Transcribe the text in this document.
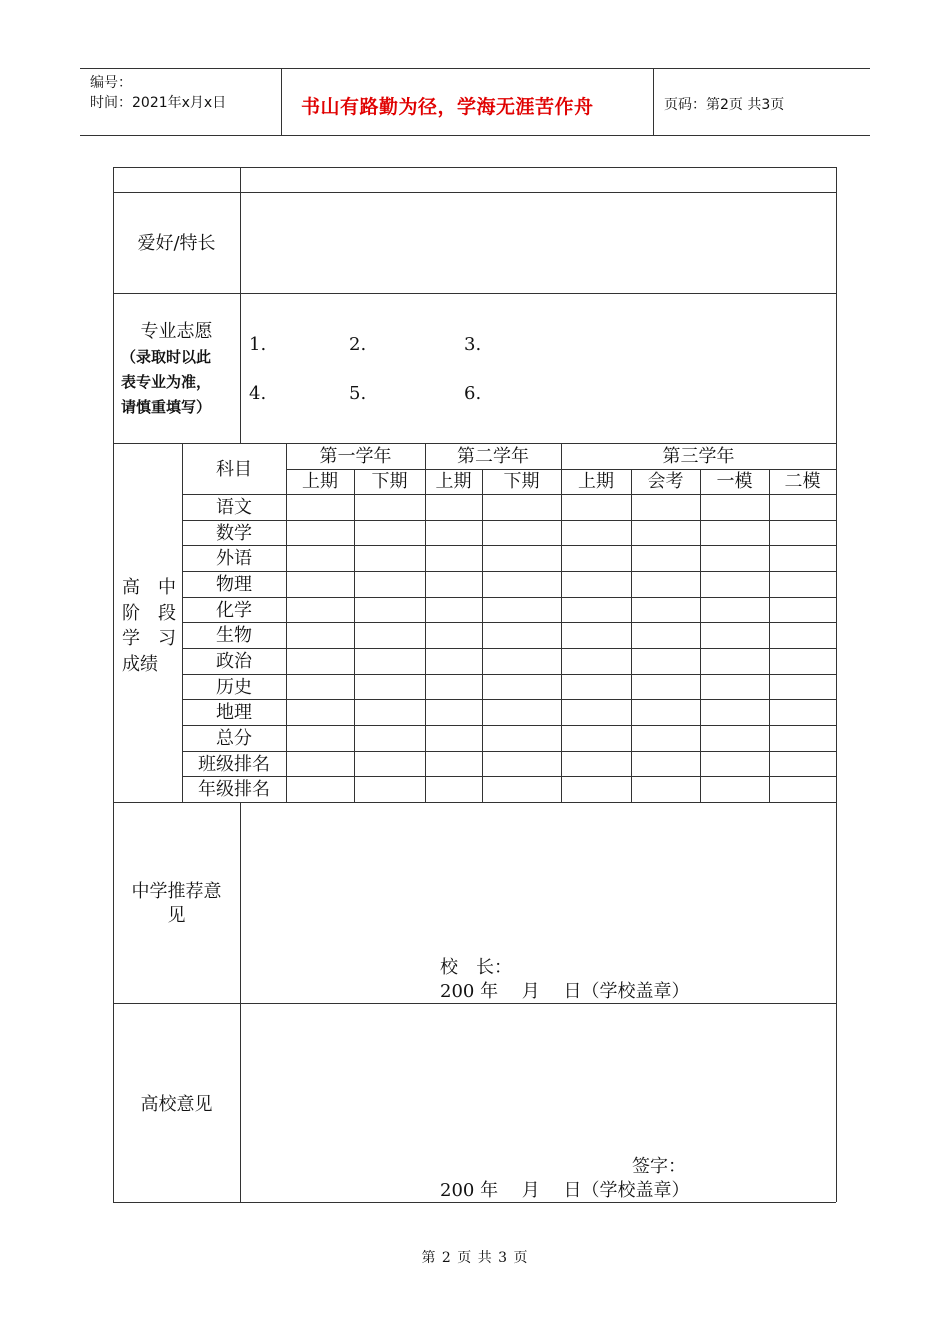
编号：
时间：2021年x月x日	书山有路勤为径，学海无涯苦作舟	页码：第2页 共3页
爱好/特长
专业志愿
（录取时以此
表专业为准，
请慎重填写）
1.	2.	3.
4.	5.	6.
高　中
阶　段
学　习
成绩
科目
第一学年	第二学年	第三学年
上期	下期	上期	下期	上期	会考	一模	二模
语文
数学
外语
物理
化学
生物
政治
历史
地理
总分
班级排名
年级排名
中学推荐意
见
校　长：
200 年　 月　 日（学校盖章）
高校意见
签字：
200 年　 月　 日（学校盖章）
第 2 页 共 3 页
